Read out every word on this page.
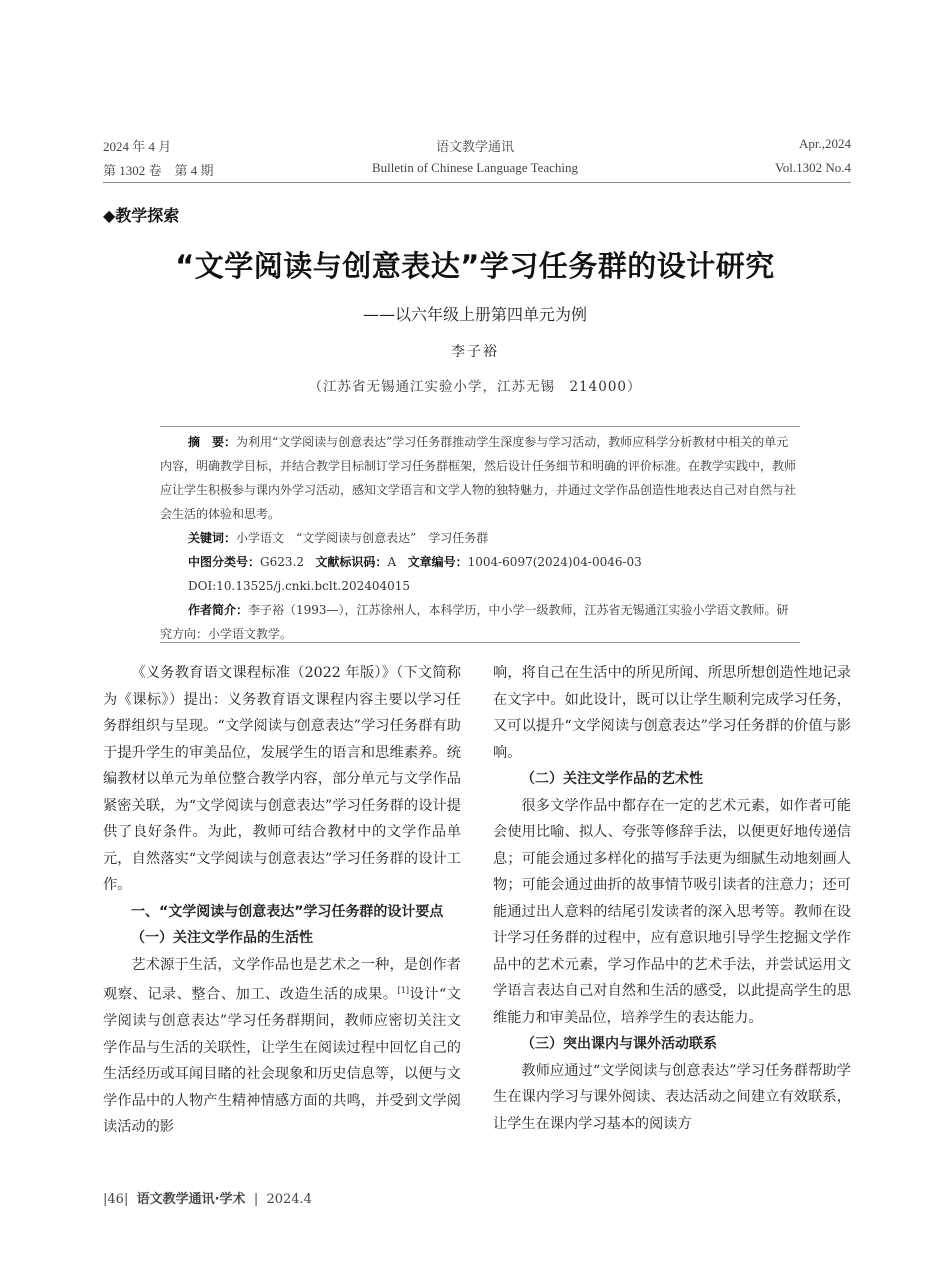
2024 年 4 月	语文教学通讯	Apr.,2024
第 1302 卷　第 4 期	Bulletin of Chinese Language Teaching	Vol.1302 No.4
◆教学探索
“文学阅读与创意表达”学习任务群的设计研究
——以六年级上册第四单元为例
李子裕
（江苏省无锡通江实验小学，江苏无锡　214000）

摘　要：为利用“文学阅读与创意表达”学习任务群推动学生深度参与学习活动，教师应科学分析教材中相关的单元内容，明确教学目标，并结合教学目标制订学习任务群框架，然后设计任务细节和明确的评价标准。在教学实践中，教师应让学生积极参与课内外学习活动，感知文学语言和文学人物的独特魅力，并通过文学作品创造性地表达自己对自然与社会生活的体验和思考。

关键词：小学语文　“文学阅读与创意表达”　学习任务群

中图分类号：G623.2 文献标识码：A 文章编号：1004-6097(2024)04-0046-03

DOI:10.13525/j.cnki.bclt.202404015

作者简介：李子裕（1993—），江苏徐州人，本科学历，中小学一级教师，江苏省无锡通江实验小学语文教师。研究方向：小学语文教学。

《义务教育语文课程标准（2022 年版）》（下文简称为《课标》）提出：义务教育语文课程内容主要以学习任务群组织与呈现。“文学阅读与创意表达”学习任务群有助于提升学生的审美品位，发展学生的语言和思维素养。统编教材以单元为单位整合教学内容，部分单元与文学作品紧密关联，为“文学阅读与创意表达”学习任务群的设计提供了良好条件。为此，教师可结合教材中的文学作品单元，自然落实“文学阅读与创意表达”学习任务群的设计工作。

一、“文学阅读与创意表达”学习任务群的设计要点

（一）关注文学作品的生活性

艺术源于生活，文学作品也是艺术之一种，是创作者观察、记录、整合、加工、改造生活的成果。[1]设计“文学阅读与创意表达”学习任务群期间，教师应密切关注文学作品与生活的关联性，让学生在阅读过程中回忆自己的生活经历或耳闻目睹的社会现象和历史信息等，以便与文学作品中的人物产生精神情感方面的共鸣，并受到文学阅读活动的影

响，将自己在生活中的所见所闻、所思所想创造性地记录在文字中。如此设计，既可以让学生顺利完成学习任务，又可以提升“文学阅读与创意表达”学习任务群的价值与影响。

（二）关注文学作品的艺术性

很多文学作品中都存在一定的艺术元素，如作者可能会使用比喻、拟人、夸张等修辞手法，以便更好地传递信息；可能会通过多样化的描写手法更为细腻生动地刻画人物；可能会通过曲折的故事情节吸引读者的注意力；还可能通过出人意料的结尾引发读者的深入思考等。教师在设计学习任务群的过程中，应有意识地引导学生挖掘文学作品中的艺术元素，学习作品中的艺术手法，并尝试运用文学语言表达自己对自然和生活的感受，以此提高学生的思维能力和审美品位，培养学生的表达能力。

（三）突出课内与课外活动联系

教师应通过“文学阅读与创意表达”学习任务群帮助学生在课内学习与课外阅读、表达活动之间建立有效联系，让学生在课内学习基本的阅读方

|46| 语文教学通讯·学术 | 2024.4
